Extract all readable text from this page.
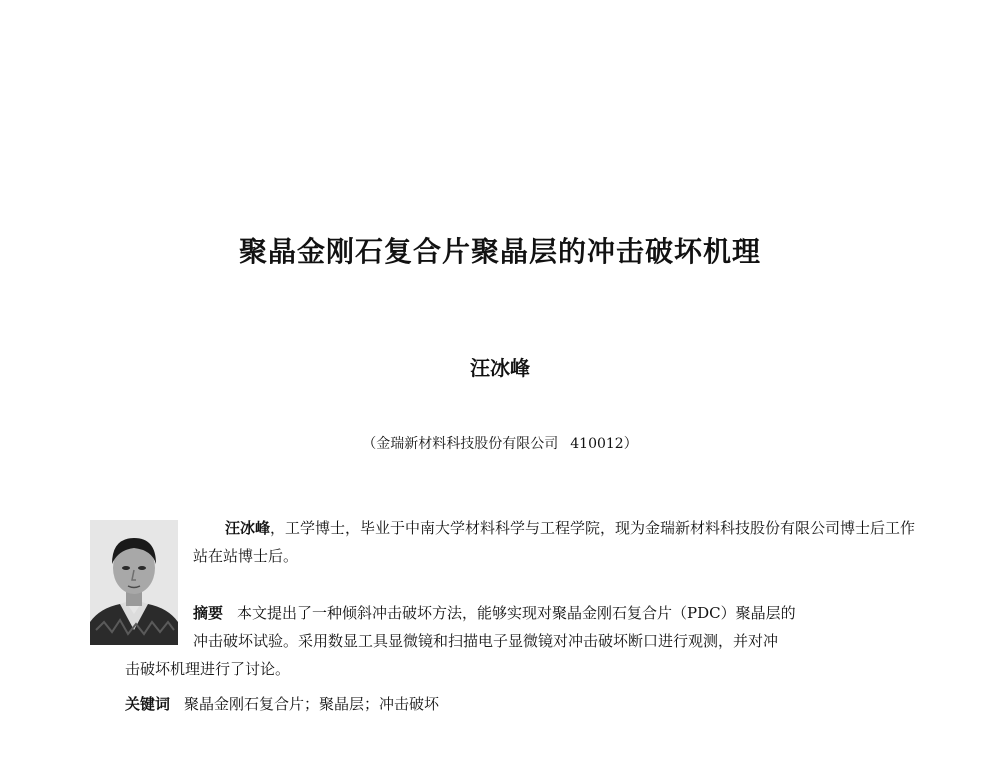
聚晶金刚石复合片聚晶层的冲击破坏机理
汪冰峰
（金瑞新材料科技股份有限公司 410012）

汪冰峰，工学博士，毕业于中南大学材料科学与工程学院，现为金瑞新材料科技股份有限公司博士后工作站在站博士后。

摘要 本文提出了一种倾斜冲击破坏方法，能够实现对聚晶金刚石复合片（PDC）聚晶层的
冲击破坏试验。采用数显工具显微镜和扫描电子显微镜对冲击破坏断口进行观测，并对冲
击破坏机理进行了讨论。

关键词 聚晶金刚石复合片；聚晶层；冲击破坏
